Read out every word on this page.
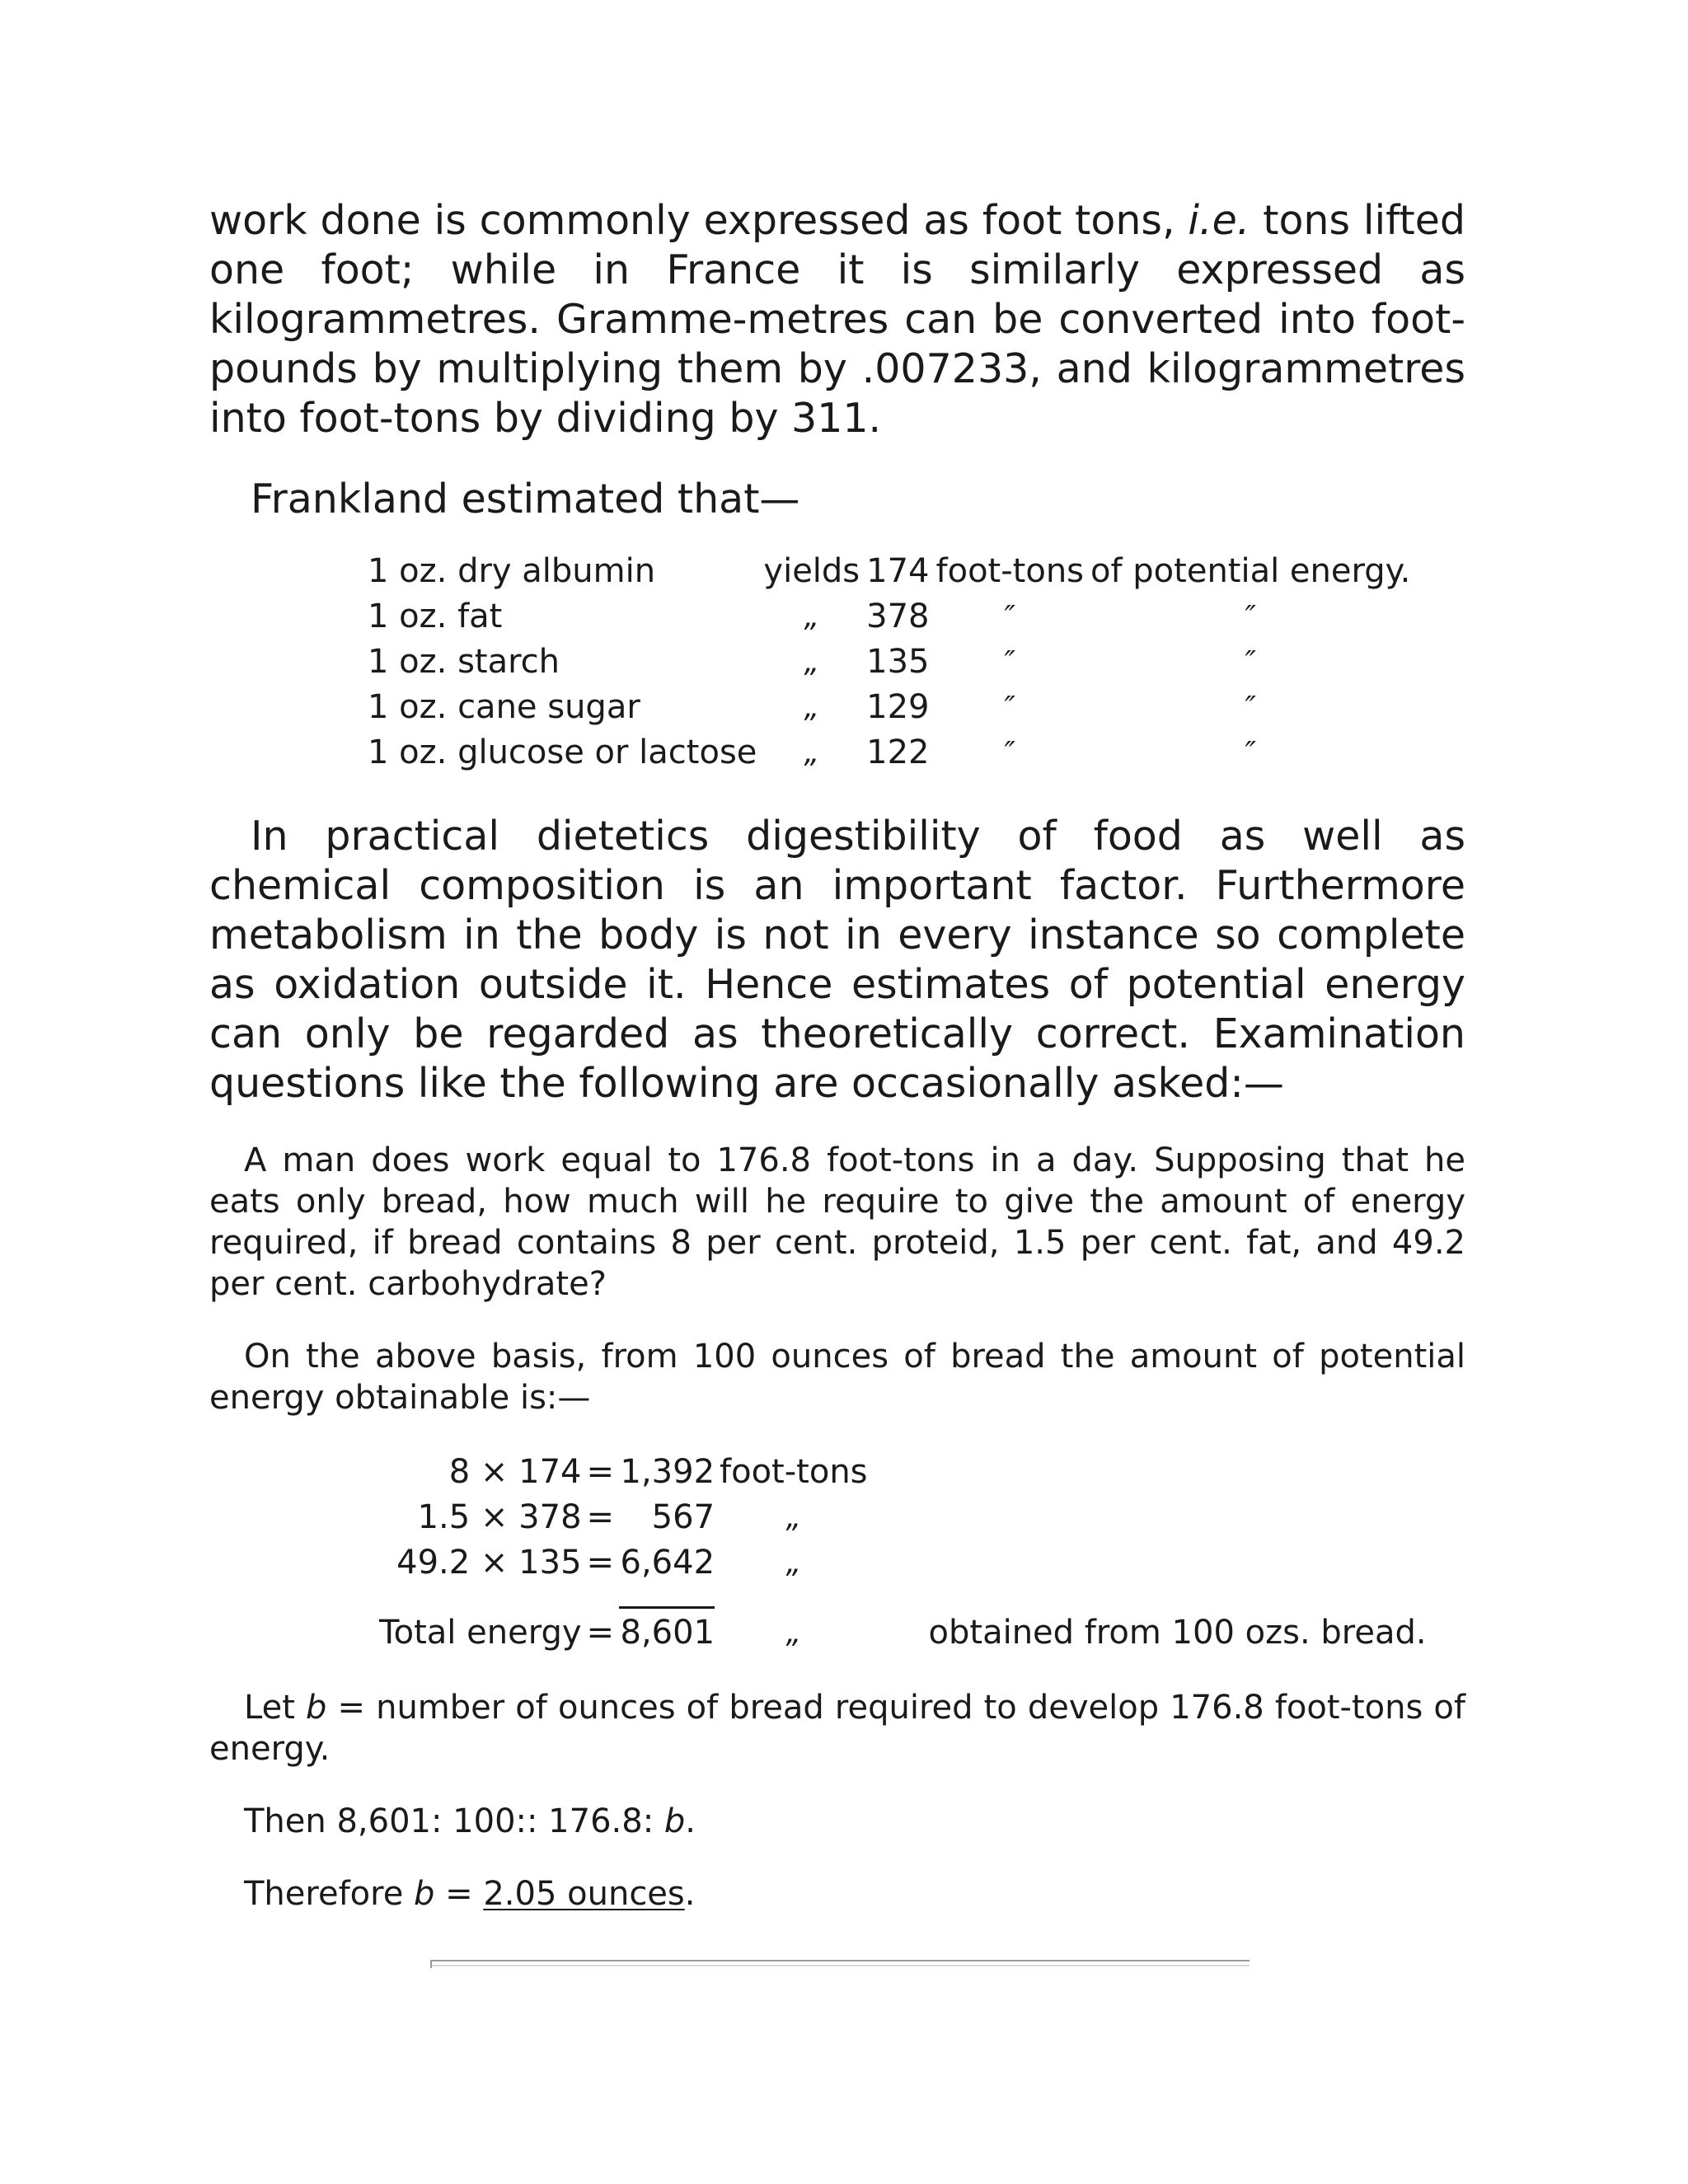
work done is commonly expressed as foot tons, i.e. tons lifted one foot; while in France it is similarly expressed as kilogrammetres. Gramme-metres can be converted into foot-pounds by multiplying them by .007233, and kilogrammetres into foot-tons by dividing by 311.

Frankland estimated that—

1 oz. dry albumin	yields	174	foot-tons	of potential energy.
1 oz. fat	„	378	″	″
1 oz. starch	„	135	″	″
1 oz. cane sugar	„	129	″	″
1 oz. glucose or lactose	„	122	″	″

In practical dietetics digestibility of food as well as chemical composition is an important factor. Furthermore metabolism in the body is not in every instance so complete as oxidation outside it. Hence estimates of potential energy can only be regarded as theoretically correct. Examination questions like the following are occasionally asked:—

A man does work equal to 176.8 foot-tons in a day. Supposing that he eats only bread, how much will he require to give the amount of energy required, if bread contains 8 per cent. proteid, 1.5 per cent. fat, and 49.2 per cent. carbohydrate?

On the above basis, from 100 ounces of bread the amount of potential energy obtainable is:—

8 × 174	=	1,392	foot-tons	
1.5 × 378	=	567	„	
49.2 × 135	=	6,642	„	

Total energy	=	8,601	„	obtained from 100 ozs. bread.

Let b = number of ounces of bread required to develop 176.8 foot-tons of energy.

Then 8,601: 100:: 176.8: b.

Therefore b = 2.05 ounces.
